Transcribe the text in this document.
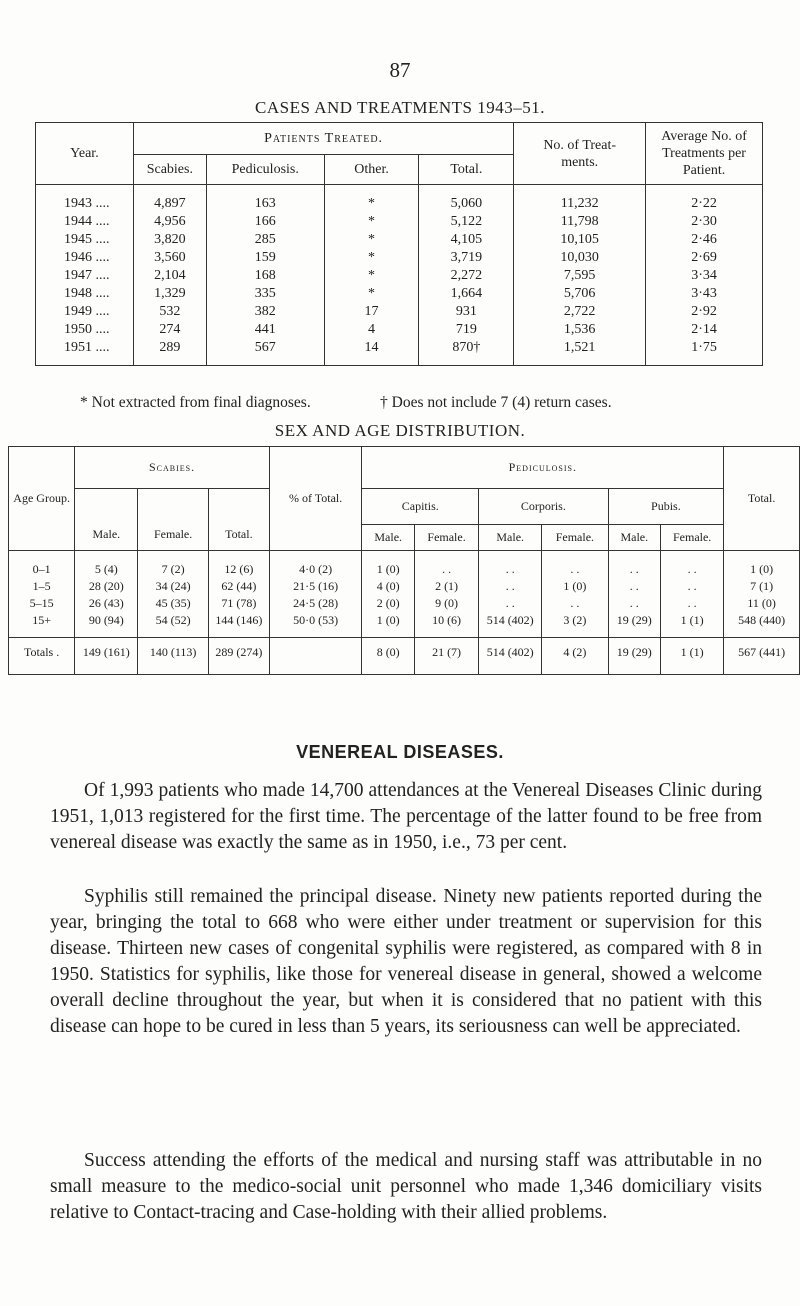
87
CASES AND TREATMENTS 1943–51.
Year.	Patients Treated.				No. of Treat- ments.	Average No. of Treatments per Patient.
	Scabies.	Pediculosis.	Other.	Total.		
1943 ....	4,897	163	*	5,060	11,232	2·22
1944 ....	4,956	166	*	5,122	11,798	2·30
1945 ....	3,820	285	*	4,105	10,105	2·46
1946 ....	3,560	159	*	3,719	10,030	2·69
1947 ....	2,104	168	*	2,272	7,595	3·34
1948 ....	1,329	335	*	1,664	5,706	3·43
1949 ....	532	382	17	931	2,722	2·92
1950 ....	274	441	4	719	1,536	2·14
1951 ....	289	567	14	870†	1,521	1·75
* Not extracted from final diagnoses.	† Does not include 7 (4) return cases.
SEX AND AGE DISTRIBUTION.
Age Group.	Scabies.			% of Total.	Pediculosis.						Total.
	Male.	Female.	Total.		Capitis.		Corporis.		Pubis.		
					Male.	Female.	Male.	Female.	Male.	Female.	
0–1	5 (4)	7 (2)	12 (6)	4·0 (2)	1 (0)	. .	. .	. .	. .	. .	1 (0)
1–5	28 (20)	34 (24)	62 (44)	21·5 (16)	4 (0)	2 (1)	. .	1 (0)	. .	. .	7 (1)
5–15	26 (43)	45 (35)	71 (78)	24·5 (28)	2 (0)	9 (0)	. .	. .	. .	. .	11 (0)
15+	90 (94)	54 (52)	144 (146)	50·0 (53)	1 (0)	10 (6)	514 (402)	3 (2)	19 (29)	1 (1)	548 (440)
Totals .	149 (161)	140 (113)	289 (274)		8 (0)	21 (7)	514 (402)	4 (2)	19 (29)	1 (1)	567 (441)
VENEREAL DISEASES.

Of 1,993 patients who made 14,700 attendances at the Venereal Diseases Clinic during 1951, 1,013 registered for the first time. The percentage of the latter found to be free from venereal disease was exactly the same as in 1950, i.e., 73 per cent.

Syphilis still remained the principal disease. Ninety new patients reported during the year, bringing the total to 668 who were either under treatment or supervision for this disease. Thirteen new cases of congenital syphilis were registered, as compared with 8 in 1950. Statistics for syphilis, like those for venereal disease in general, showed a welcome overall decline throughout the year, but when it is considered that no patient with this disease can hope to be cured in less than 5 years, its seriousness can well be appreciated.

Success attending the efforts of the medical and nursing staff was attributable in no small measure to the medico-social unit personnel who made 1,346 domiciliary visits relative to Contact-tracing and Case-holding with their allied problems.
